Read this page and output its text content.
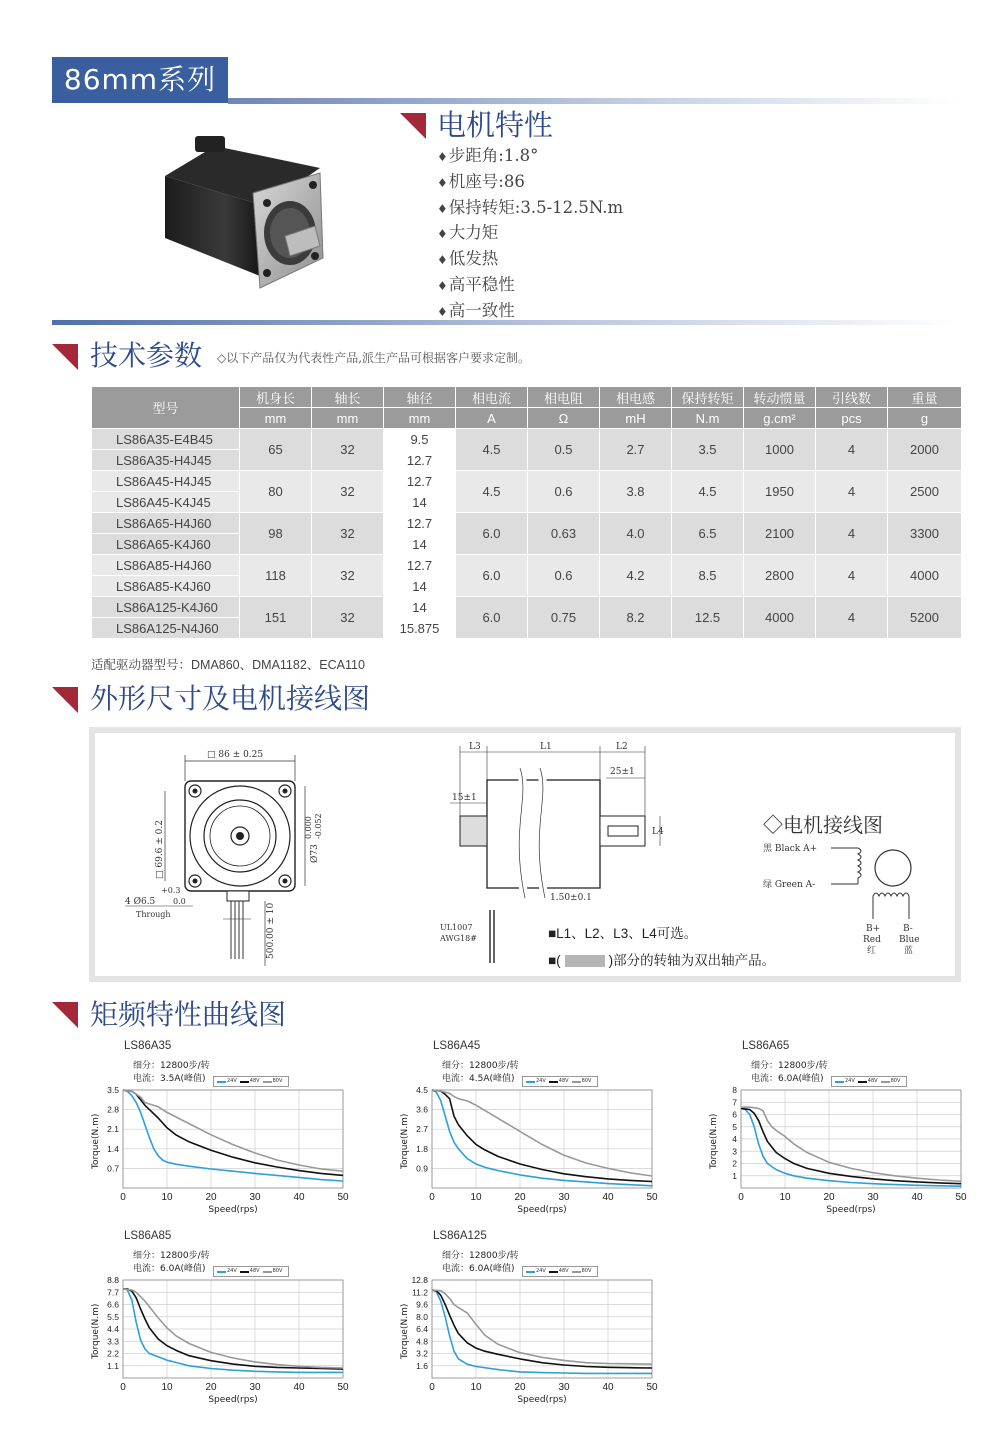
86mm系列
电机特性
♦ 步距角:1.8°
♦ 机座号:86
♦ 保持转矩:3.5-12.5N.m
♦ 大力矩
♦ 低发热
♦ 高平稳性
♦ 高一致性
技术参数 ◇以下产品仅为代表性产品,派生产品可根据客户要求定制。
型号	机身长	轴长	轴径	相电流	相电阻	相电感	保持转矩	转动惯量	引线数	重量
	mm	mm	mm	A	Ω	mH	N.m	g.cm²	pcs	g
LS86A35-E4B45	65	32	9.5	4.5	0.5	2.7	3.5	1000	4	2000
LS86A35-H4J45			12.7							
LS86A45-H4J45	80	32	12.7	4.5	0.6	3.8	4.5	1950	4	2500
LS86A45-K4J45			14							
LS86A65-H4J60	98	32	12.7	6.0	0.63	4.0	6.5	2100	4	3300
LS86A65-K4J60			14							
LS86A85-H4J60	118	32	12.7	6.0	0.6	4.2	8.5	2800	4	4000
LS86A85-K4J60			14							
LS86A125-K4J60	151	32	14	6.0	0.75	8.2	12.5	4000	4	5200
LS86A125-N4J60			15.875							
适配驱动器型号：DMA860、DMA1182、ECA110
外形尺寸及电机接线图
□ 86 ± 0.25
□ 69.6 ± 0.2	Ø73
0.000 -0.052
+0.3
4 Ø6.5 0.0
Through	500.00 ± 10
L3	L1	L2
25±1
15±1
L4
1.50±0.1
UL1007
AWG18#
◇电机接线图
黑 Black A+
绿 Green A-
B+
Red
红
B-
Blue
蓝
■L1、L2、L3、L4可选。
■(	)部分的转轴为双出轴产品。
矩频特性曲线图
LS86A35
细分：12800步/转
电流：3.5A(峰值)	24V	48V	80V
0.7
1.4
2.1
2.8
3.5
0	10	20	30	40	50
Torque(N.m)
Speed(rps)
LS86A45
细分：12800步/转
电流：4.5A(峰值)	24V	48V	80V
0.9
1.8
2.7
3.6
4.5
0	10	20	30	40	50
Torque(N.m)
Speed(rps)
LS86A65
细分：12800步/转
电流：6.0A(峰值)	24V	48V	80V
1
2
3
4
5
6
7
8
0	10	20	30	40	50
Torque(N.m)
Speed(rps)
LS86A85
细分：12800步/转
电流：6.0A(峰值)	24V	48V	80V
1.1
2.2
3.3
4.4
5.5
6.6
7.7
8.8
0	10	20	30	40	50
Torque(N.m)
Speed(rps)
LS86A125
细分：12800步/转
电流：6.0A(峰值)	24V	48V	80V
1.6
3.2
4.8
6.4
8.0
9.6
11.2
12.8
0	10	20	30	40	50
Torque(N.m)
Speed(rps)
